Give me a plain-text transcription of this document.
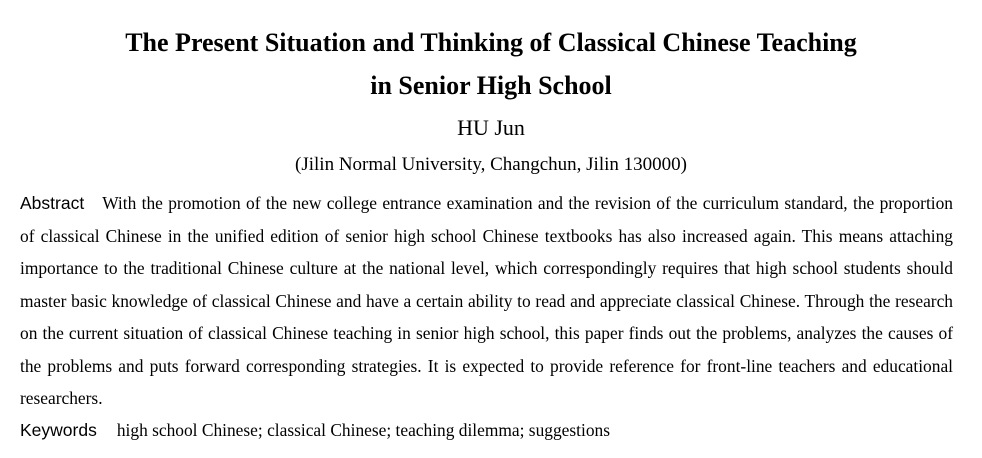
The Present Situation and Thinking of Classical Chinese Teaching
in Senior High School
HU Jun
(Jilin Normal University, Changchun, Jilin 130000)

Abstract With the promotion of the new college entrance examination and the revision of the curriculum standard, the proportion of classical Chinese in the unified edition of senior high school Chinese textbooks has also increased again. This means attaching importance to the traditional Chinese culture at the national level, which correspondingly requires that high school students should master basic knowledge of classical Chinese and have a certain ability to read and appreciate classical Chinese. Through the research on the current situation of classical Chinese teaching in senior high school, this paper finds out the problems, analyzes the causes of the problems and puts forward corresponding strategies. It is expected to provide reference for front-line teachers and educational researchers.

Keywords high school Chinese; classical Chinese; teaching dilemma; suggestions
